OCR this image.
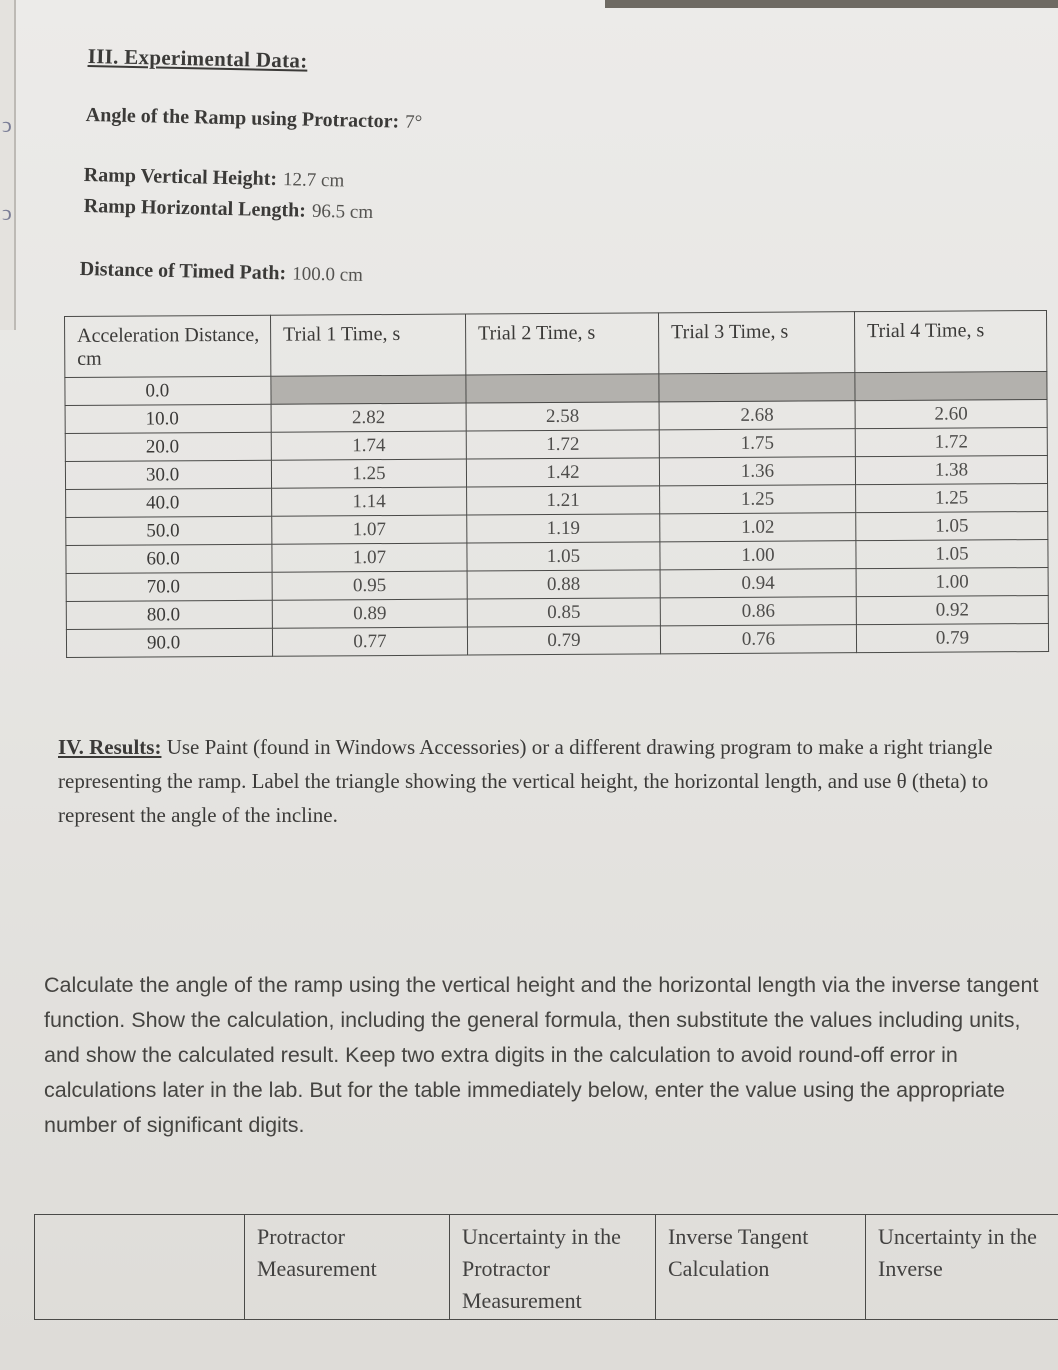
ↄ
ↄ
III. Experimental Data:
Angle of the Ramp using Protractor: 7°
Ramp Vertical Height: 12.7 cm
Ramp Horizontal Length: 96.5 cm
Distance of Timed Path: 100.0 cm
Acceleration Distance, cm	Trial 1 Time, s	Trial 2 Time, s	Trial 3 Time, s	Trial 4 Time, s
0.0				
10.0	2.82	2.58	2.68	2.60
20.0	1.74	1.72	1.75	1.72
30.0	1.25	1.42	1.36	1.38
40.0	1.14	1.21	1.25	1.25
50.0	1.07	1.19	1.02	1.05
60.0	1.07	1.05	1.00	1.05
70.0	0.95	0.88	0.94	1.00
80.0	0.89	0.85	0.86	0.92
90.0	0.77	0.79	0.76	0.79
IV. Results: Use Paint (found in Windows Accessories) or a different drawing program to make a right triangle representing the ramp. Label the triangle showing the vertical height, the horizontal length, and use θ (theta) to represent the angle of the incline.
Calculate the angle of the ramp using the vertical height and the horizontal length via the inverse tangent function. Show the calculation, including the general formula, then substitute the values including units, and show the calculated result. Keep two extra digits in the calculation to avoid round-off error in calculations later in the lab. But for the table immediately below, enter the value using the appropriate number of significant digits.
	Protractor Measurement	Uncertainty in the Protractor Measurement	Inverse Tangent Calculation	Uncertainty in the Inverse
